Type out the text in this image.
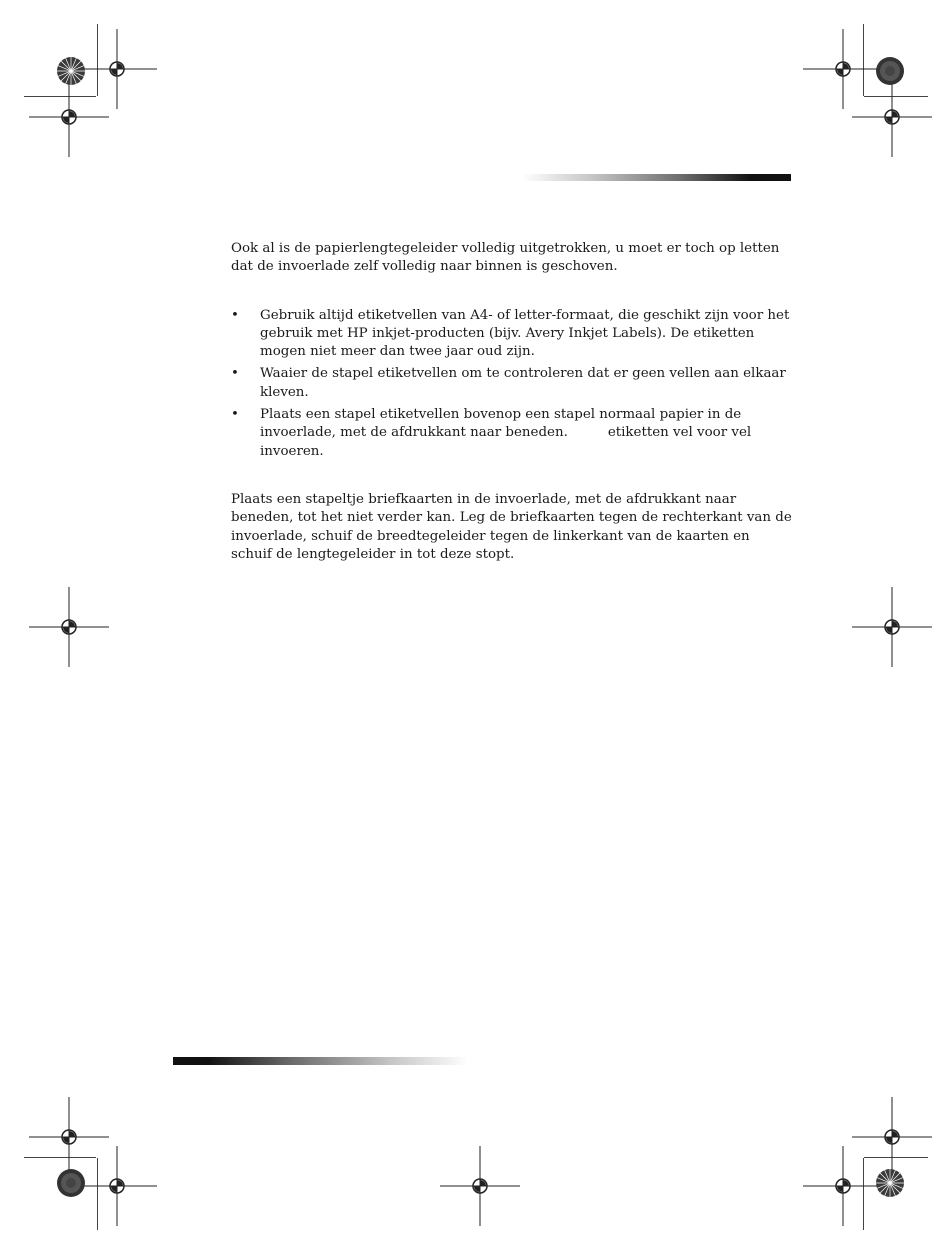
Ook al is de papierlengtegeleider volledig uitgetrokken, u moet er toch op letten dat de invoerlade zelf volledig naar binnen is geschoven.

• Gebruik altijd etiketvellen van A4- of letter-formaat, die geschikt zijn voor het gebruik met HP inkjet-producten (bijv. Avery Inkjet Labels). De etiketten mogen niet meer dan twee jaar oud zijn.
• Waaier de stapel etiketvellen om te controleren dat er geen vellen aan elkaar kleven.
• Plaats een stapel etiketvellen bovenop een stapel normaal papier in de invoerlade, met de afdrukkant naar beneden.	etiketten vel voor vel invoeren.

Plaats een stapeltje briefkaarten in de invoerlade, met de afdrukkant naar beneden, tot het niet verder kan. Leg de briefkaarten tegen de rechterkant van de invoerlade, schuif de breedtegeleider tegen de linkerkant van de kaarten en schuif de lengtegeleider in tot deze stopt.
